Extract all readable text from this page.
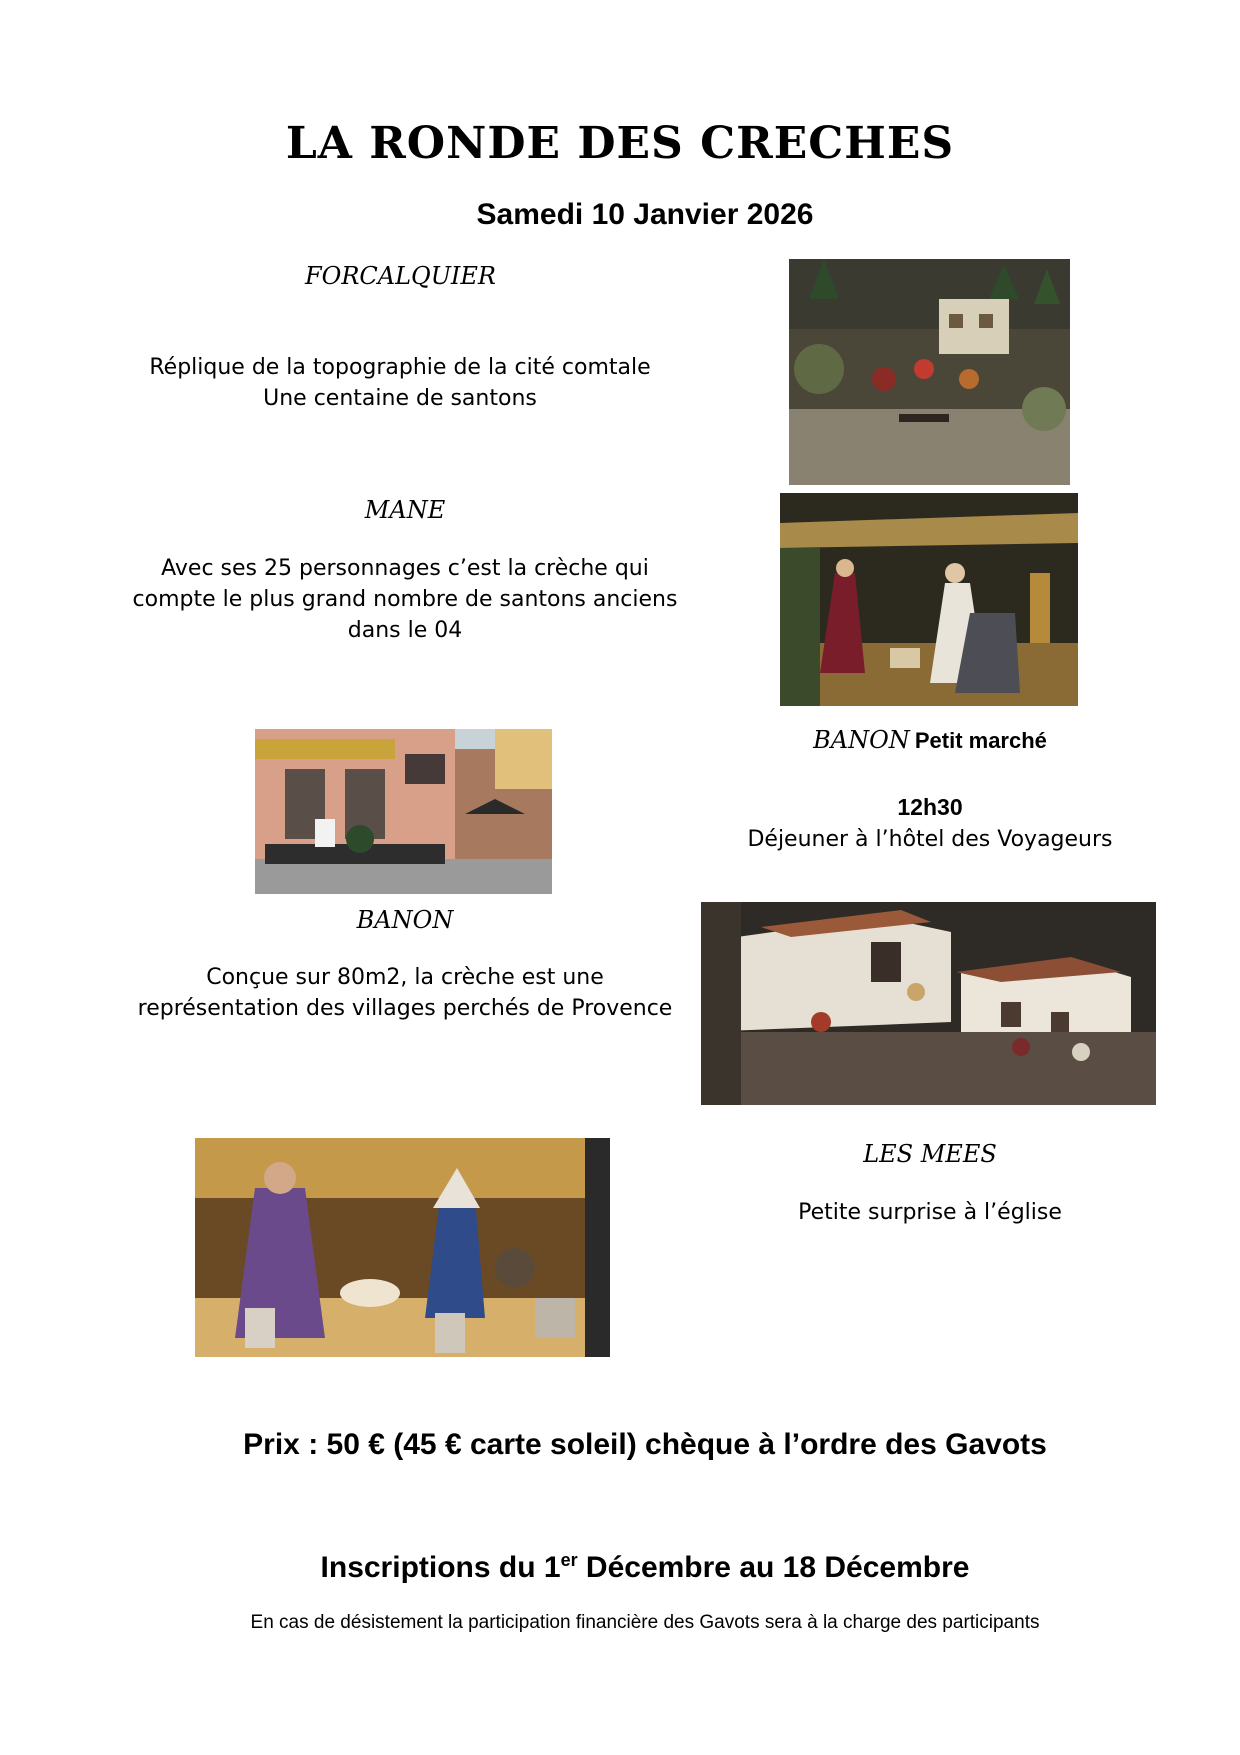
LA RONDE DES CRECHES
Samedi 10 Janvier 2026
FORCALQUIER
Réplique de la topographie de la cité comtale
Une centaine de santons
MANE
Avec ses 25 personnages c’est la crèche qui
compte le plus grand nombre de santons anciens
dans le 04
BANON Petit marché
12h30
Déjeuner à l’hôtel des Voyageurs
BANON
Conçue sur 80m2, la crèche est une
représentation des villages perchés de Provence
LES MEES
Petite surprise à l’église
Prix : 50 € (45 € carte soleil) chèque à l’ordre des Gavots
Inscriptions du 1er Décembre au 18 Décembre
En cas de désistement la participation financière des Gavots sera à la charge des participants
